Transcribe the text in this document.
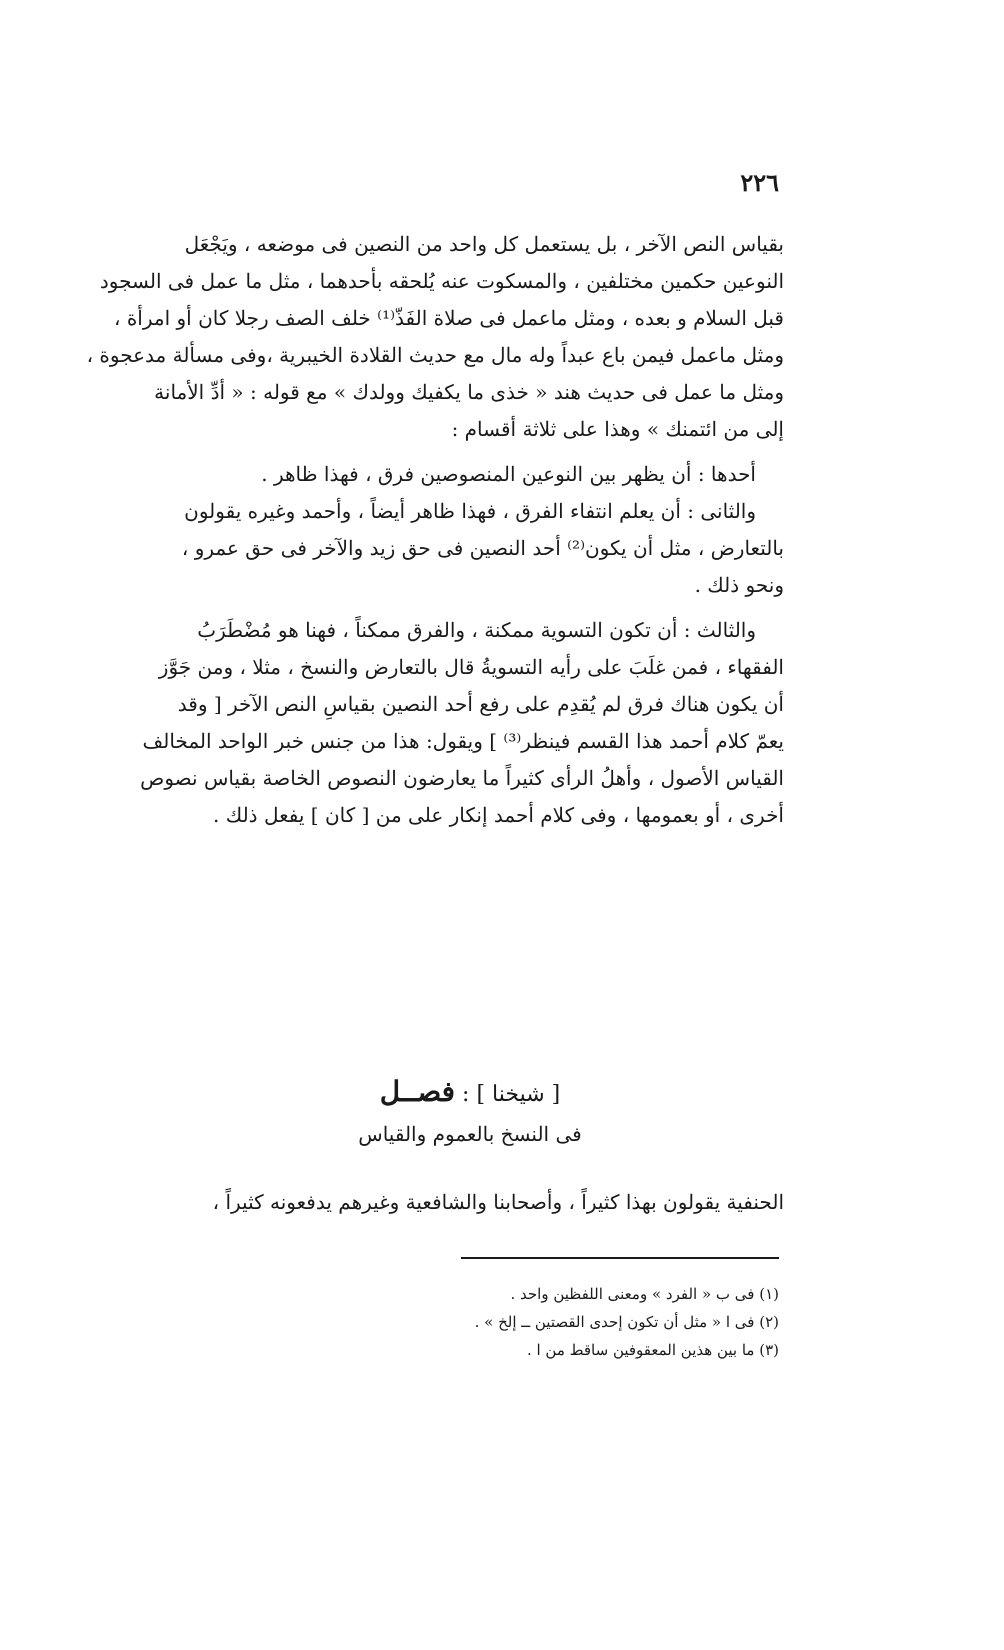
٢٢٦
بقياس النص الآخر ، بل يستعمل كل واحد من النصين فى موضعه ، ويَجْعَل
النوعين حكمين مختلفين ، والمسكوت عنه يُلحقه بأحدهما ، مثل ما عمل فى السجود
قبل السلام و بعده ، ومثل ماعمل فى صلاة الفَذّ⁽¹⁾ خلف الصف رجلا كان أو امرأة ،
ومثل ماعمل فيمن باع عبداً وله مال مع حديث القلادة الخيبرية ،وفى مسألة مدعجوة ،
ومثل ما عمل فى حديث هند « خذى ما يكفيك وولدك » مع قوله : « أدِّ الأمانة
إلى من ائتمنك » وهذا على ثلاثة أقسام :
أحدها : أن يظهر بين النوعين المنصوصين فرق ، فهذا ظاهر .
والثانى : أن يعلم انتفاء الفرق ، فهذا ظاهر أيضاً ، وأحمد وغيره يقولون
بالتعارض ، مثل أن يكون⁽²⁾ أحد النصين فى حق زيد والآخر فى حق عمرو ،
ونحو ذلك .
والثالث : أن تكون التسوية ممكنة ، والفرق ممكناً ، فهنا هو مُضْطَرَبُ
الفقهاء ، فمن غلَبَ على رأيه التسويةُ قال بالتعارض والنسخ ، مثلا ، ومن جَوَّز
أن يكون هناك فرق لم يُقدِم على رفع أحد النصين بقياسِ النص الآخر [ وقد
يعمّ كلام أحمد هذا القسم فينظر⁽³⁾ ] ويقول: هذا من جنس خبر الواحد المخالف
القياس الأصول ، وأهلُ الرأى كثيراً ما يعارضون النصوص الخاصة بقياس نصوص
أخرى ، أو بعمومها ، وفى كلام أحمد إنكار على من [ كان ] يفعل ذلك .
[ شيخنا ] : فصــل
فى النسخ بالعموم والقياس
الحنفية يقولون بهذا كثيراً ، وأصحابنا والشافعية وغيرهم يدفعونه كثيراً ،
(١) فى ب « الفرد » ومعنى اللفظين واحد .
(٢) فى ا « مثل أن تكون إحدى القصتين ــ إلخ » .
(٣) ما بين هذين المعقوفين ساقط من ا .
